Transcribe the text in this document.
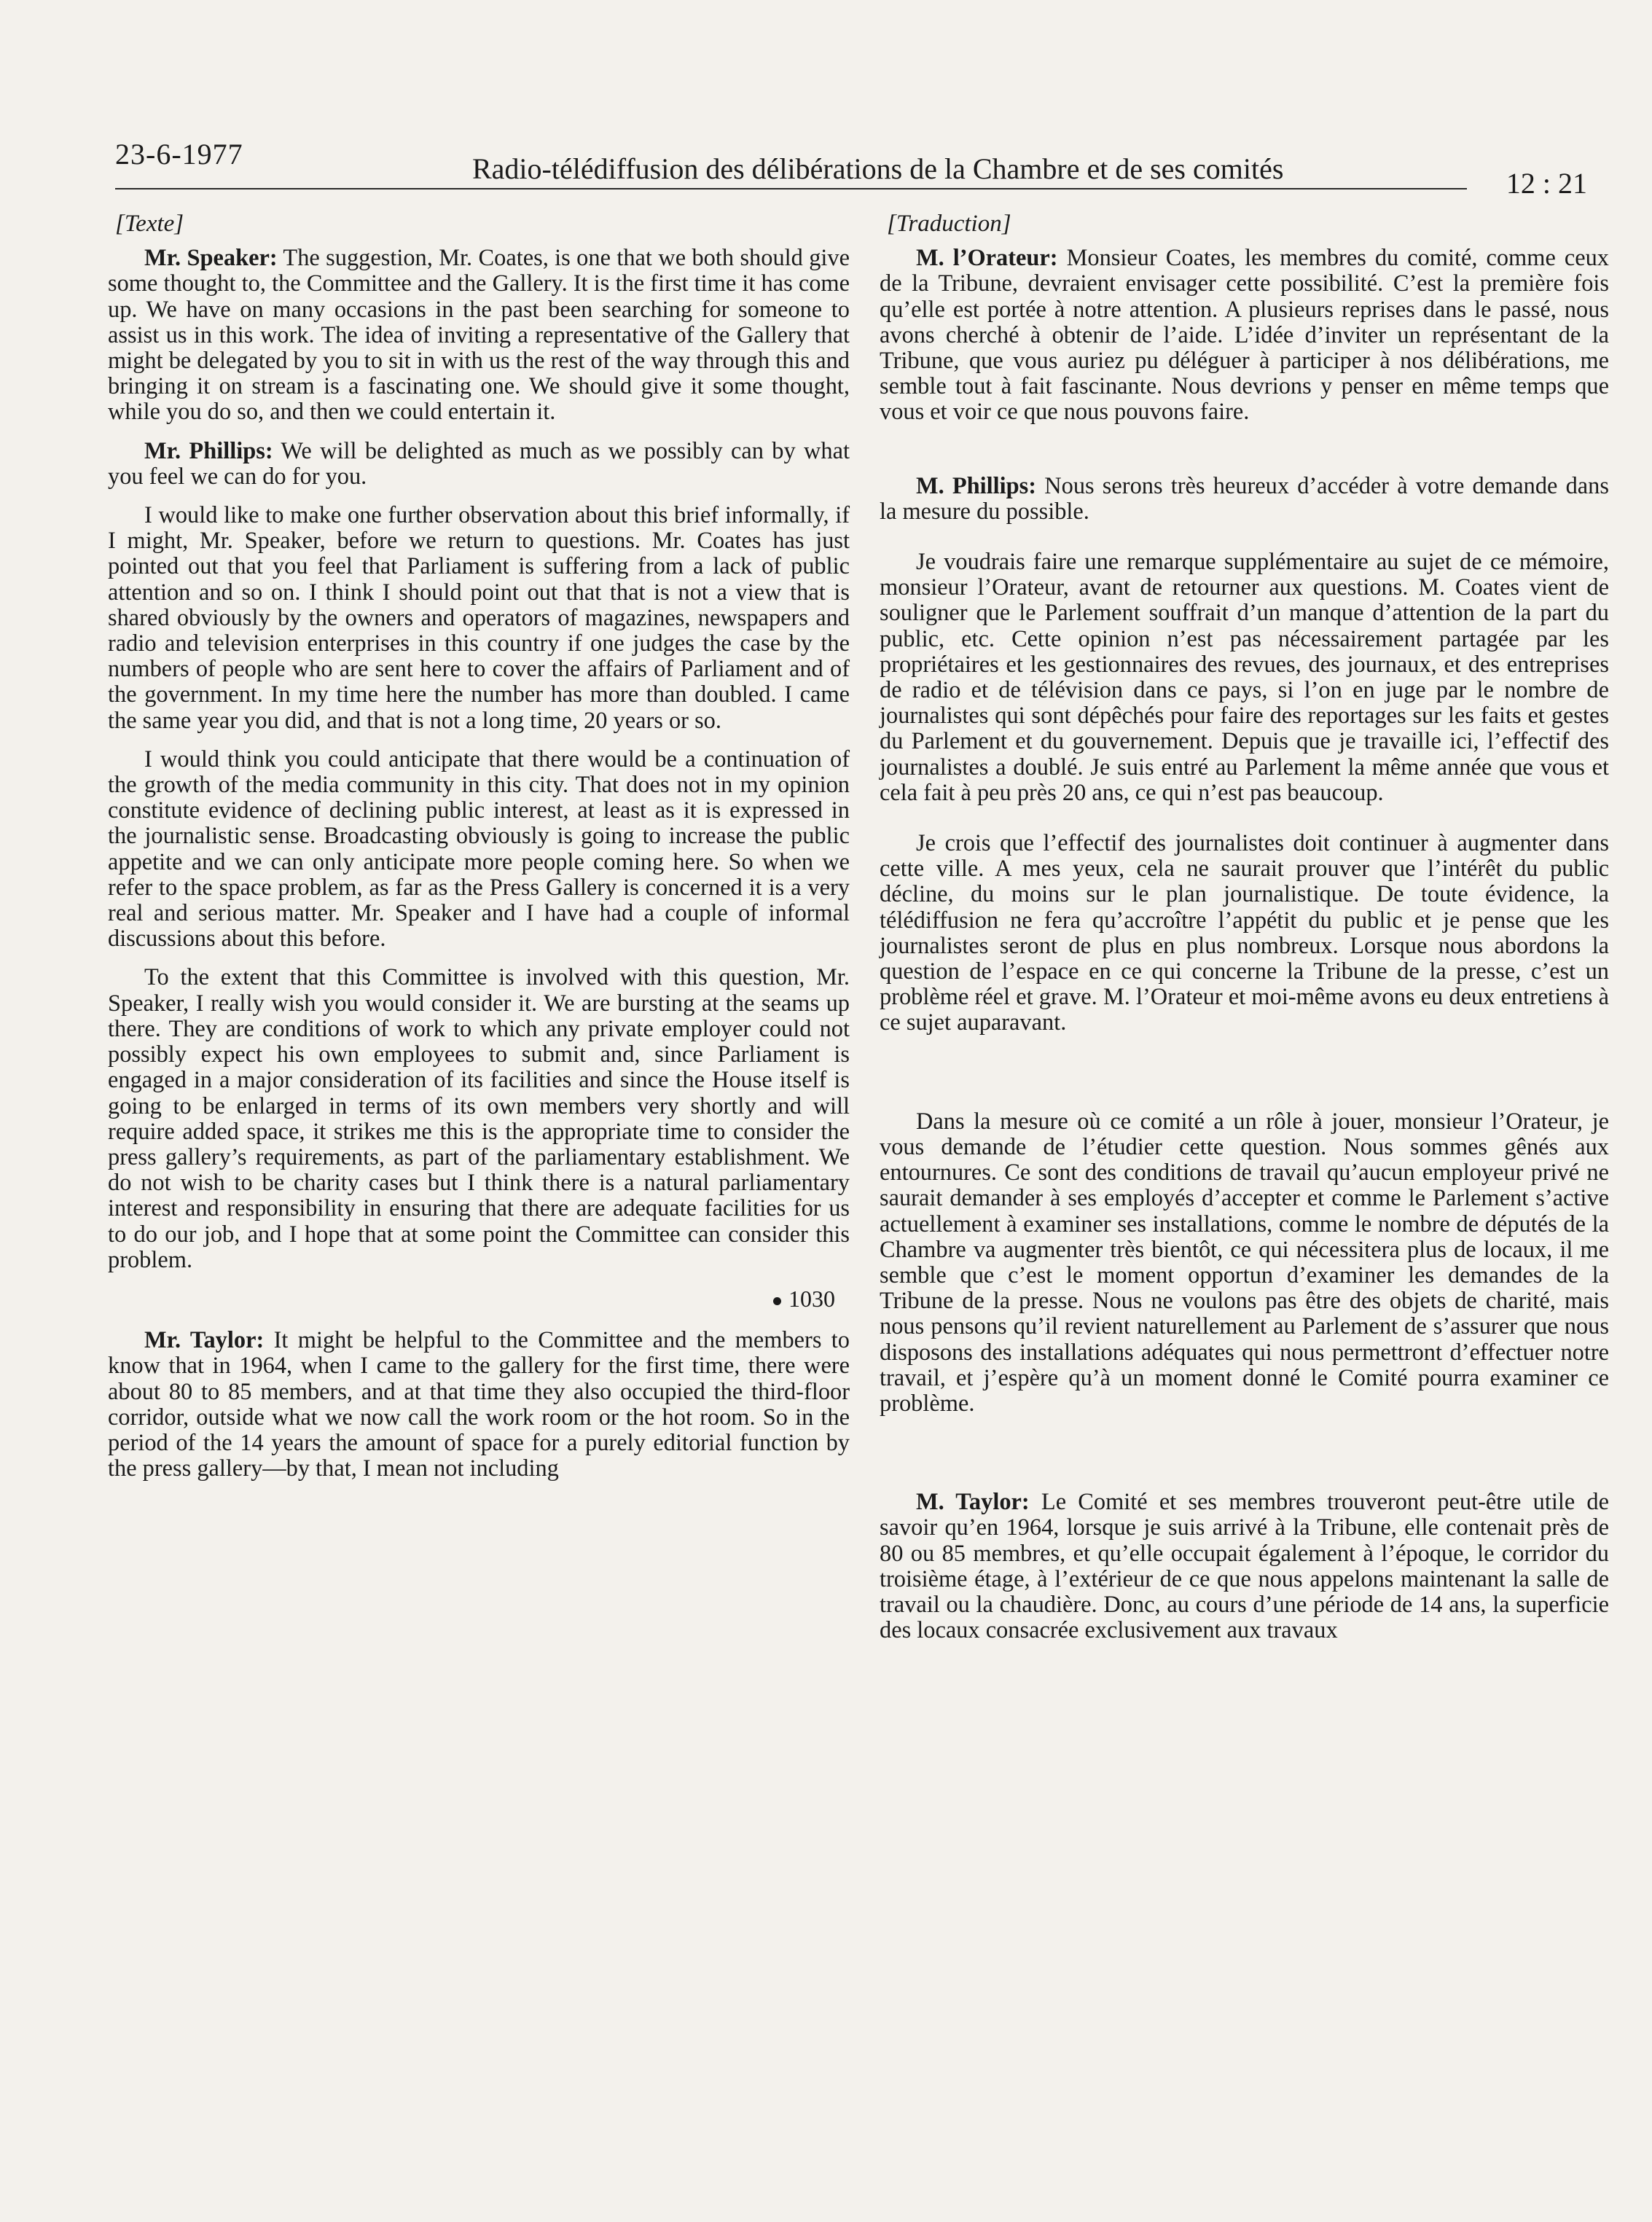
23-6-1977	Radio-télédiffusion des délibérations de la Chambre et de ses comités	12 : 21
[Texte]

Mr. Speaker: The suggestion, Mr. Coates, is one that we both should give some thought to, the Committee and the Gallery. It is the first time it has come up. We have on many occasions in the past been searching for someone to assist us in this work. The idea of inviting a representative of the Gallery that might be delegated by you to sit in with us the rest of the way through this and bringing it on stream is a fascinating one. We should give it some thought, while you do so, and then we could entertain it.

Mr. Phillips: We will be delighted as much as we possibly can by what you feel we can do for you.

I would like to make one further observation about this brief informally, if I might, Mr. Speaker, before we return to questions. Mr. Coates has just pointed out that you feel that Parliament is suffering from a lack of public attention and so on. I think I should point out that that is not a view that is shared obviously by the owners and operators of magazines, newspapers and radio and television enterprises in this country if one judges the case by the numbers of people who are sent here to cover the affairs of Parliament and of the government. In my time here the number has more than doubled. I came the same year you did, and that is not a long time, 20 years or so.

I would think you could anticipate that there would be a continuation of the growth of the media community in this city. That does not in my opinion constitute evidence of declining public interest, at least as it is expressed in the journalistic sense. Broadcasting obviously is going to increase the public appetite and we can only anticipate more people coming here. So when we refer to the space problem, as far as the Press Gallery is concerned it is a very real and serious matter. Mr. Speaker and I have had a couple of informal discussions about this before.

To the extent that this Committee is involved with this question, Mr. Speaker, I really wish you would consider it. We are bursting at the seams up there. They are conditions of work to which any private employer could not possibly expect his own employees to submit and, since Parliament is engaged in a major consideration of its facilities and since the House itself is going to be enlarged in terms of its own members very shortly and will require added space, it strikes me this is the appropriate time to consider the press gallery’s requirements, as part of the parliamentary establishment. We do not wish to be charity cases but I think there is a natural parliamentary interest and responsibility in ensuring that there are adequate facilities for us to do our job, and I hope that at some point the Committee can consider this problem.

1030

Mr. Taylor: It might be helpful to the Committee and the members to know that in 1964, when I came to the gallery for the first time, there were about 80 to 85 members, and at that time they also occupied the third-floor corridor, outside what we now call the work room or the hot room. So in the period of the 14 years the amount of space for a purely editorial function by the press gallery—by that, I mean not including

[Traduction]

M. l’Orateur: Monsieur Coates, les membres du comité, comme ceux de la Tribune, devraient envisager cette possibilité. C’est la première fois qu’elle est portée à notre attention. A plusieurs reprises dans le passé, nous avons cherché à obtenir de l’aide. L’idée d’inviter un représentant de la Tribune, que vous auriez pu déléguer à participer à nos délibérations, me semble tout à fait fascinante. Nous devrions y penser en même temps que vous et voir ce que nous pouvons faire.

M. Phillips: Nous serons très heureux d’accéder à votre demande dans la mesure du possible.

Je voudrais faire une remarque supplémentaire au sujet de ce mémoire, monsieur l’Orateur, avant de retourner aux questions. M. Coates vient de souligner que le Parlement souffrait d’un manque d’attention de la part du public, etc. Cette opinion n’est pas nécessairement partagée par les propriétaires et les gestionnaires des revues, des journaux, et des entreprises de radio et de télévision dans ce pays, si l’on en juge par le nombre de journalistes qui sont dépêchés pour faire des reportages sur les faits et gestes du Parlement et du gouvernement. Depuis que je travaille ici, l’effectif des journalistes a doublé. Je suis entré au Parlement la même année que vous et cela fait à peu près 20 ans, ce qui n’est pas beaucoup.

Je crois que l’effectif des journalistes doit continuer à augmenter dans cette ville. A mes yeux, cela ne saurait prouver que l’intérêt du public décline, du moins sur le plan journalistique. De toute évidence, la télédiffusion ne fera qu’accroître l’appétit du public et je pense que les journalistes seront de plus en plus nombreux. Lorsque nous abordons la question de l’espace en ce qui concerne la Tribune de la presse, c’est un problème réel et grave. M. l’Orateur et moi-même avons eu deux entretiens à ce sujet auparavant.

Dans la mesure où ce comité a un rôle à jouer, monsieur l’Orateur, je vous demande de l’étudier cette question. Nous sommes gênés aux entournures. Ce sont des conditions de travail qu’aucun employeur privé ne saurait demander à ses employés d’accepter et comme le Parlement s’active actuellement à examiner ses installations, comme le nombre de députés de la Chambre va augmenter très bientôt, ce qui nécessitera plus de locaux, il me semble que c’est le moment opportun d’examiner les demandes de la Tribune de la presse. Nous ne voulons pas être des objets de charité, mais nous pensons qu’il revient naturellement au Parlement de s’assurer que nous disposons des installations adéquates qui nous permettront d’effectuer notre travail, et j’espère qu’à un moment donné le Comité pourra examiner ce problème.

M. Taylor: Le Comité et ses membres trouveront peut-être utile de savoir qu’en 1964, lorsque je suis arrivé à la Tribune, elle contenait près de 80 ou 85 membres, et qu’elle occupait également à l’époque, le corridor du troisième étage, à l’extérieur de ce que nous appelons maintenant la salle de travail ou la chaudière. Donc, au cours d’une période de 14 ans, la superficie des locaux consacrée exclusivement aux travaux
